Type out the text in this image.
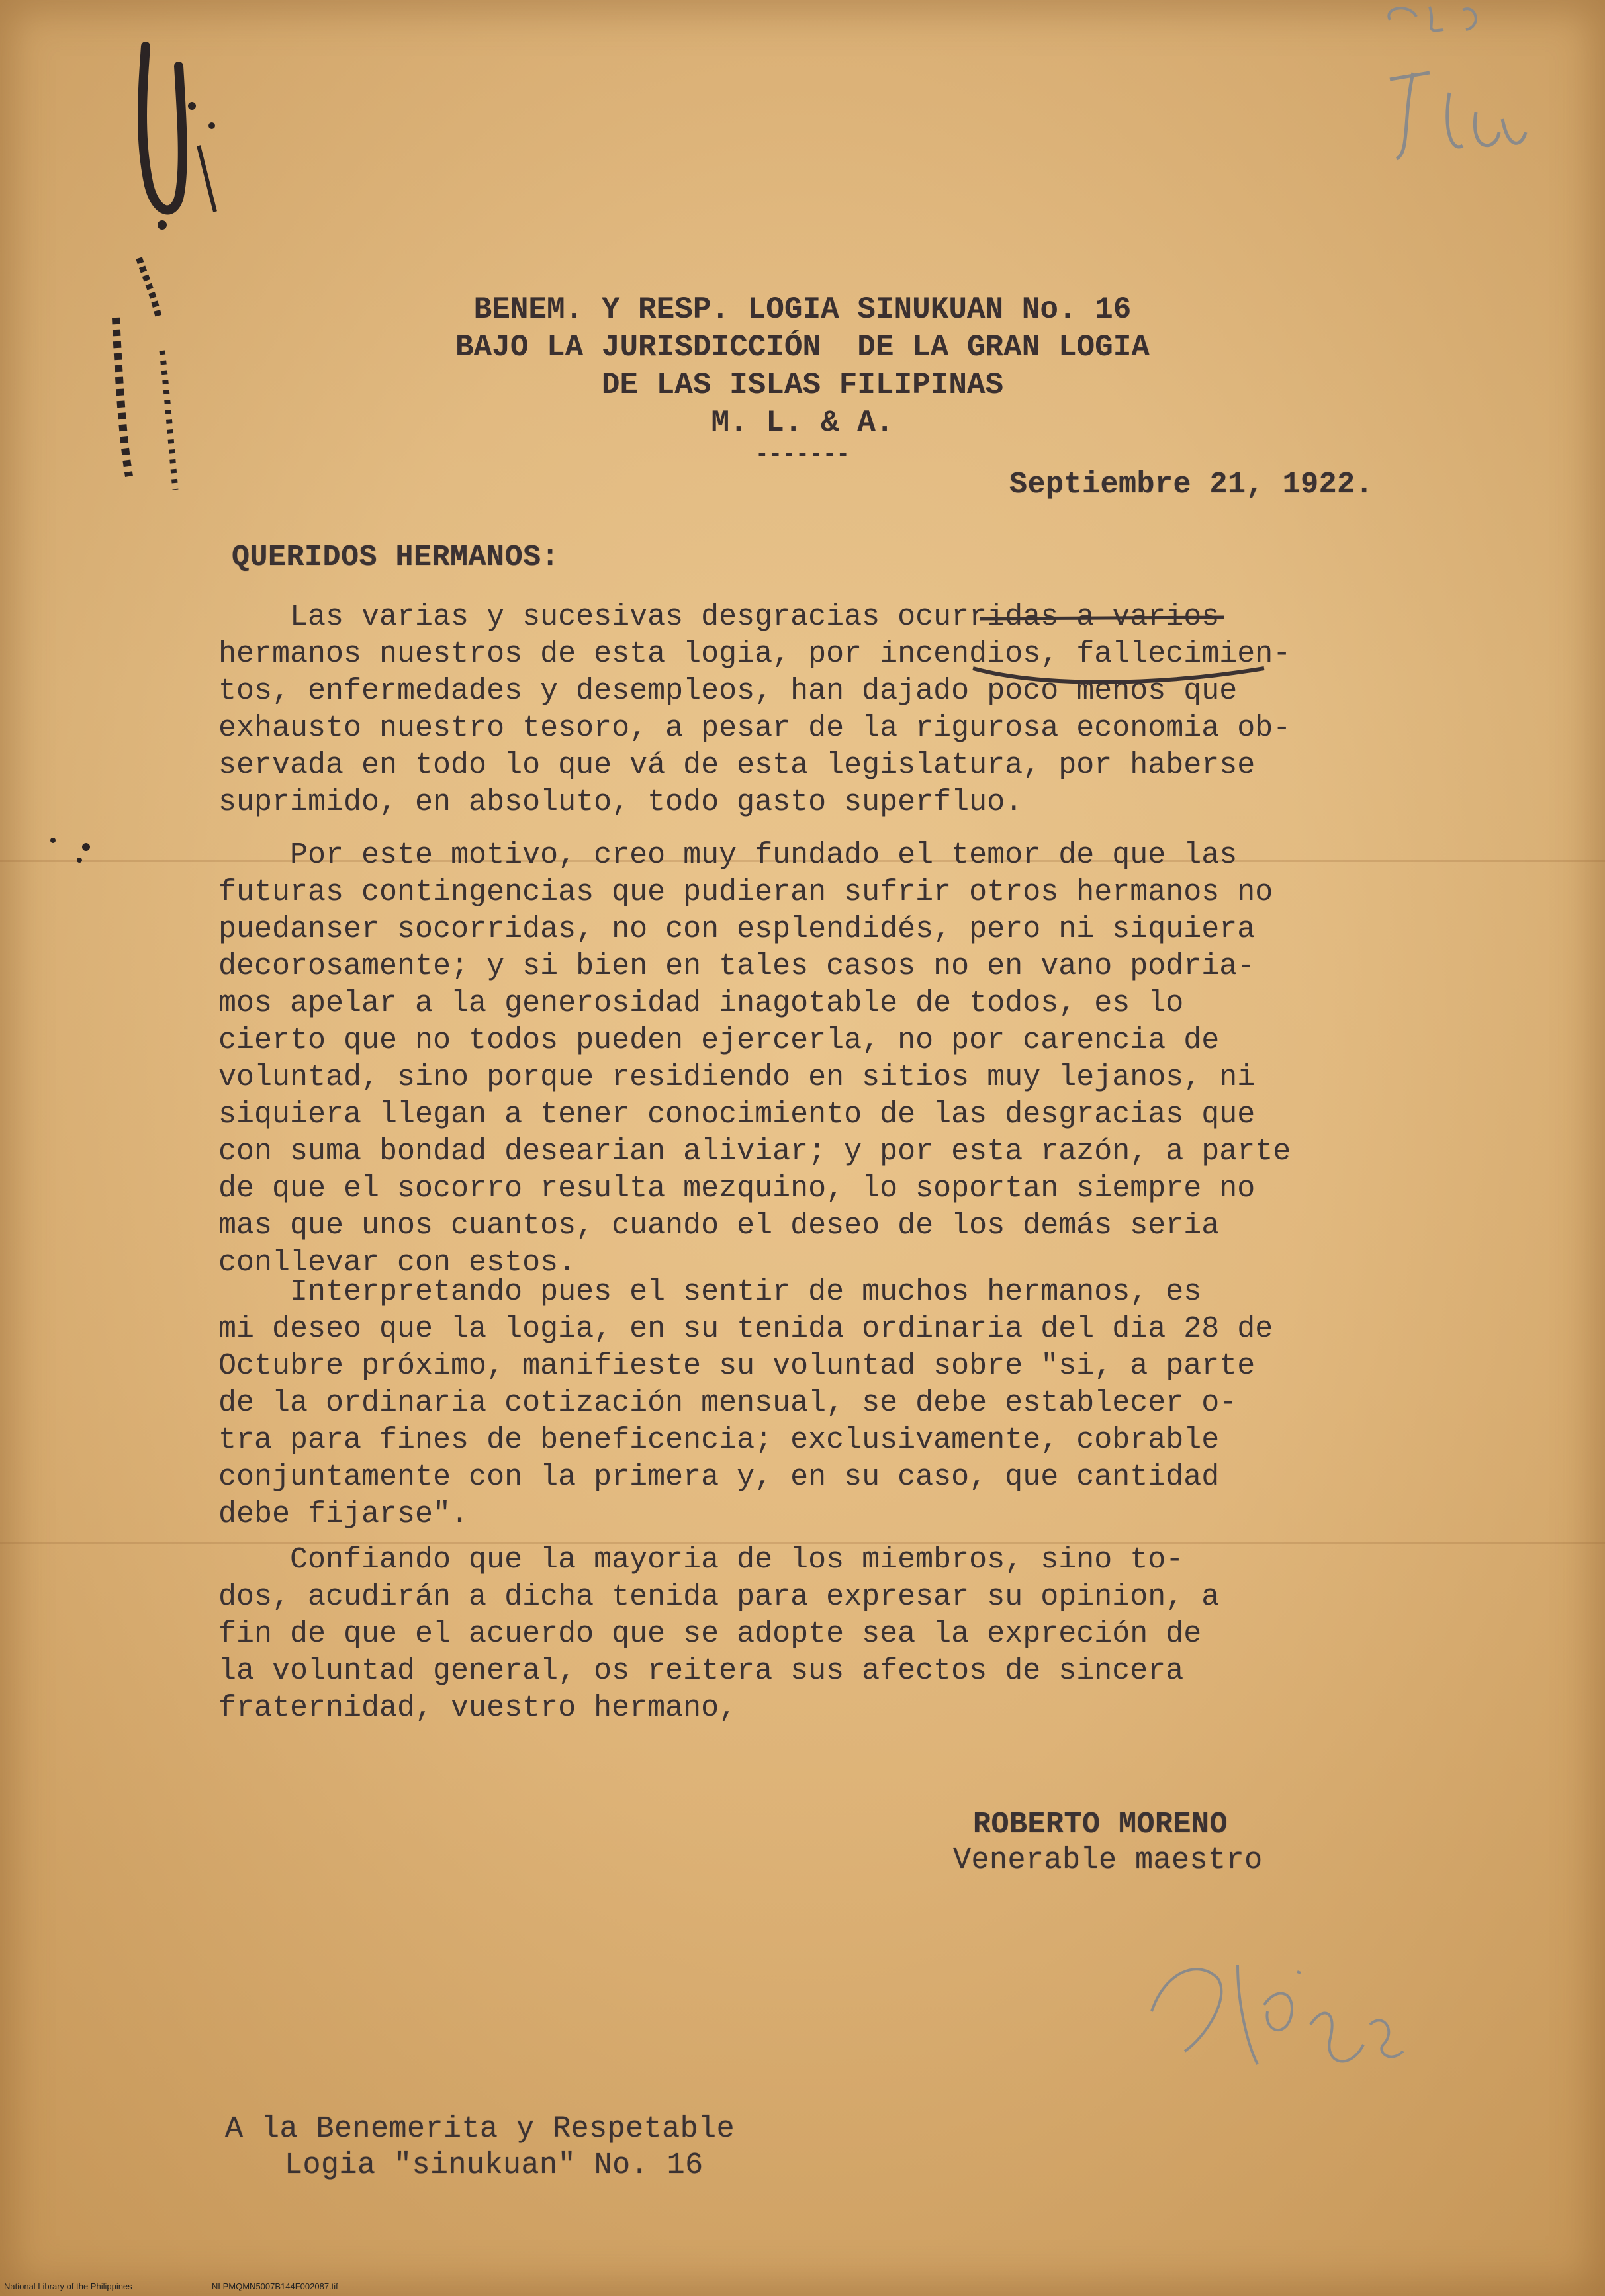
BENEM. Y RESP. LOGIA SINUKUAN No. 16
BAJO LA JURISDICCIÓN  DE LA GRAN LOGIA
DE LAS ISLAS FILIPINAS
M. L. & A.
-------
Septiembre 21, 1922.
QUERIDOS HERMANOS:
Las varias y sucesivas desgracias ocurridas a varios
hermanos nuestros de esta logia, por incendios, fallecimien-
tos, enfermedades y desempleos, han dajado poco menos que
exhausto nuestro tesoro, a pesar de la rigurosa economia ob-
servada en todo lo que vá de esta legislatura, por haberse
suprimido, en absoluto, todo gasto superfluo.
Por este motivo, creo muy fundado el temor de que las
futuras contingencias que pudieran sufrir otros hermanos no
puedanser socorridas, no con esplendidés, pero ni siquiera
decorosamente; y si bien en tales casos no en vano podria-
mos apelar a la generosidad inagotable de todos, es lo
cierto que no todos pueden ejercerla, no por carencia de
voluntad, sino porque residiendo en sitios muy lejanos, ni
siquiera llegan a tener conocimiento de las desgracias que
con suma bondad desearian aliviar; y por esta razón, a parte
de que el socorro resulta mezquino, lo soportan siempre no
mas que unos cuantos, cuando el deseo de los demás seria
conllevar con estos.
Interpretando pues el sentir de muchos hermanos, es
mi deseo que la logia, en su tenida ordinaria del dia 28 de
Octubre próximo, manifieste su voluntad sobre "si, a parte
de la ordinaria cotización mensual, se debe establecer o-
tra para fines de beneficencia; exclusivamente, cobrable
conjuntamente con la primera y, en su caso, que cantidad
debe fijarse".
Confiando que la mayoria de los miembros, sino to-
dos, acudirán a dicha tenida para expresar su opinion, a
fin de que el acuerdo que se adopte sea la expreción de
la voluntad general, os reitera sus afectos de sincera
fraternidad, vuestro hermano,
ROBERTO MORENO
Venerable maestro
A la Benemerita y Respetable
Logia "sinukuan" No. 16
National Library of the Philippines	NLPMQMN5007B144F002087.tif
